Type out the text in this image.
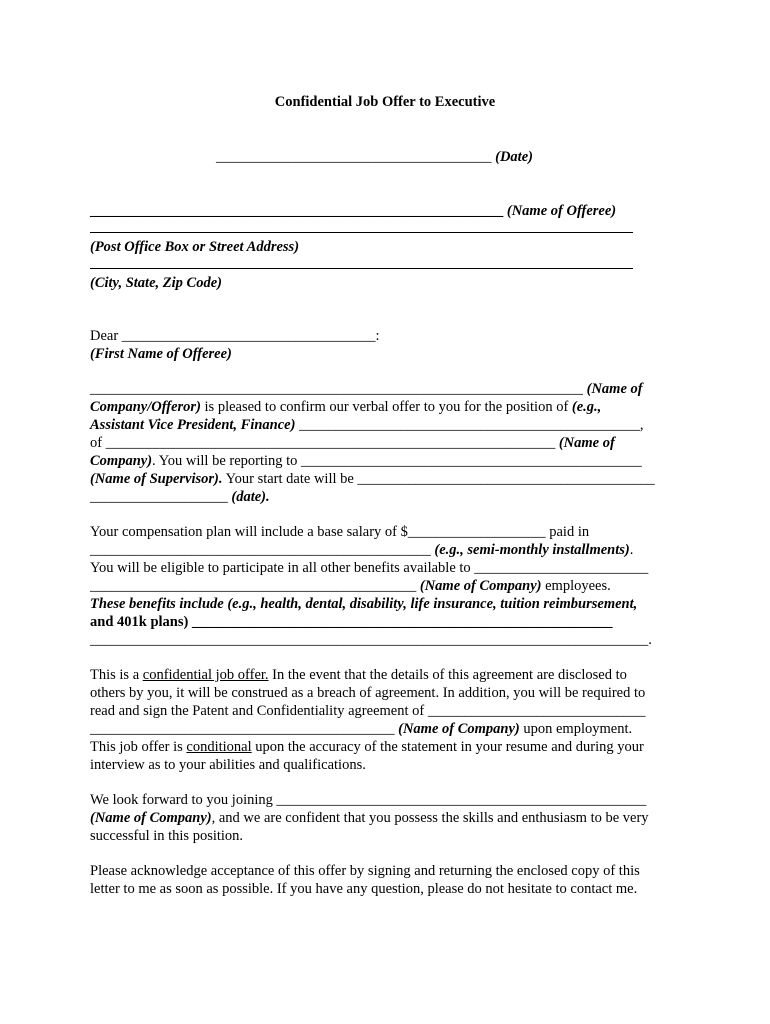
Confidential Job Offer to Executive
______________________________________ (Date)
_________________________________________________________ (Name of Offeree)
(Post Office Box or Street Address)
(City, State, Zip Code)
Dear ___________________________________:
(First Name of Offeree)
____________________________________________________________________ (Name of
Company/Offeror) is pleased to confirm our verbal offer to you for the position of (e.g.,
Assistant Vice President, Finance) _______________________________________________,
of ______________________________________________________________ (Name of
Company). You will be reporting to _______________________________________________
(Name of Supervisor). Your start date will be _________________________________________
___________________ (date).
Your compensation plan will include a base salary of $___________________ paid in
_______________________________________________ (e.g., semi-monthly installments).
You will be eligible to participate in all other benefits available to ________________________
_____________________________________________ (Name of Company) employees.
These benefits include (e.g., health, dental, disability, life insurance, tuition reimbursement,
and 401k plans) __________________________________________________________
_____________________________________________________________________________.
This is a confidential job offer. In the event that the details of this agreement are disclosed to
others by you, it will be construed as a breach of agreement. In addition, you will be required to
read and sign the Patent and Confidentiality agreement of ______________________________
__________________________________________ (Name of Company) upon employment.
This job offer is conditional upon the accuracy of the statement in your resume and during your
interview as to your abilities and qualifications.
We look forward to you joining ___________________________________________________
(Name of Company), and we are confident that you possess the skills and enthusiasm to be very
successful in this position.
Please acknowledge acceptance of this offer by signing and returning the enclosed copy of this
letter to me as soon as possible. If you have any question, please do not hesitate to contact me.
